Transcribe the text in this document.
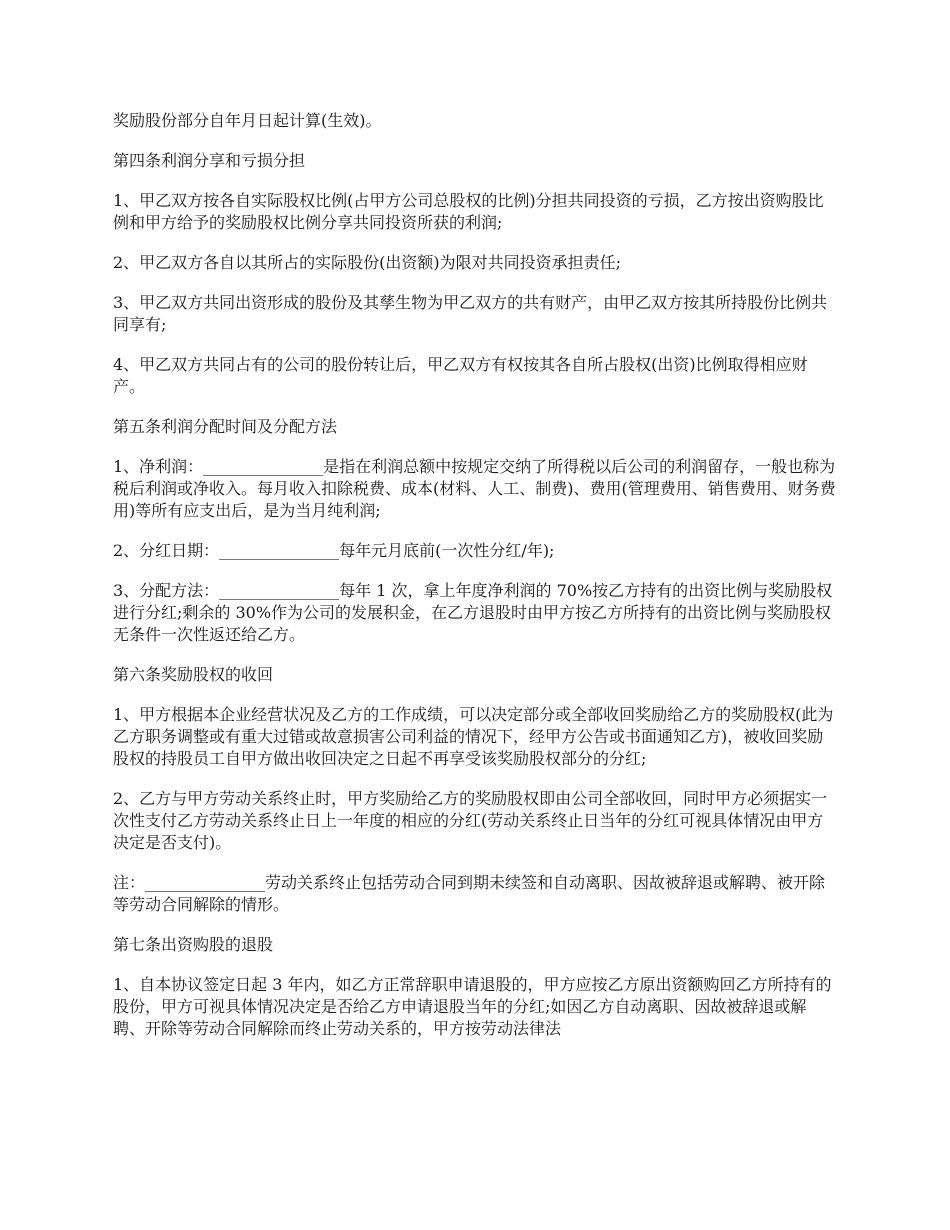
奖励股份部分自年月日起计算(生效)。

第四条利润分享和亏损分担

1、甲乙双方按各自实际股权比例(占甲方公司总股权的比例)分担共同投资的亏损，乙方按出资购股比例和甲方给予的奖励股权比例分享共同投资所获的利润;

2、甲乙双方各自以其所占的实际股份(出资额)为限对共同投资承担责任;

3、甲乙双方共同出资形成的股份及其孳生物为甲乙双方的共有财产，由甲乙双方按其所持股份比例共同享有;

4、甲乙双方共同占有的公司的股份转让后，甲乙双方有权按其各自所占股权(出资)比例取得相应财产。

第五条利润分配时间及分配方法

1、净利润：_______________是指在利润总额中按规定交纳了所得税以后公司的利润留存，一般也称为税后利润或净收入。每月收入扣除税费、成本(材料、人工、制费)、费用(管理费用、销售费用、财务费用)等所有应支出后，是为当月纯利润;

2、分红日期：_______________每年元月底前(一次性分红/年);

3、分配方法：_______________每年 1 次，拿上年度净利润的 70%按乙方持有的出资比例与奖励股权进行分红;剩余的 30%作为公司的发展积金，在乙方退股时由甲方按乙方所持有的出资比例与奖励股权无条件一次性返还给乙方。

第六条奖励股权的收回

1、甲方根据本企业经营状况及乙方的工作成绩，可以决定部分或全部收回奖励给乙方的奖励股权(此为乙方职务调整或有重大过错或故意损害公司利益的情况下，经甲方公告或书面通知乙方)，被收回奖励股权的持股员工自甲方做出收回决定之日起不再享受该奖励股权部分的分红;

2、乙方与甲方劳动关系终止时，甲方奖励给乙方的奖励股权即由公司全部收回，同时甲方必须据实一次性支付乙方劳动关系终止日上一年度的相应的分红(劳动关系终止日当年的分红可视具体情况由甲方决定是否支付)。

注：_______________劳动关系终止包括劳动合同到期未续签和自动离职、因故被辞退或解聘、被开除等劳动合同解除的情形。

第七条出资购股的退股

1、自本协议签定日起 3 年内，如乙方正常辞职申请退股的，甲方应按乙方原出资额购回乙方所持有的股份，甲方可视具体情况决定是否给乙方申请退股当年的分红;如因乙方自动离职、因故被辞退或解聘、开除等劳动合同解除而终止劳动关系的，甲方按劳动法律法
